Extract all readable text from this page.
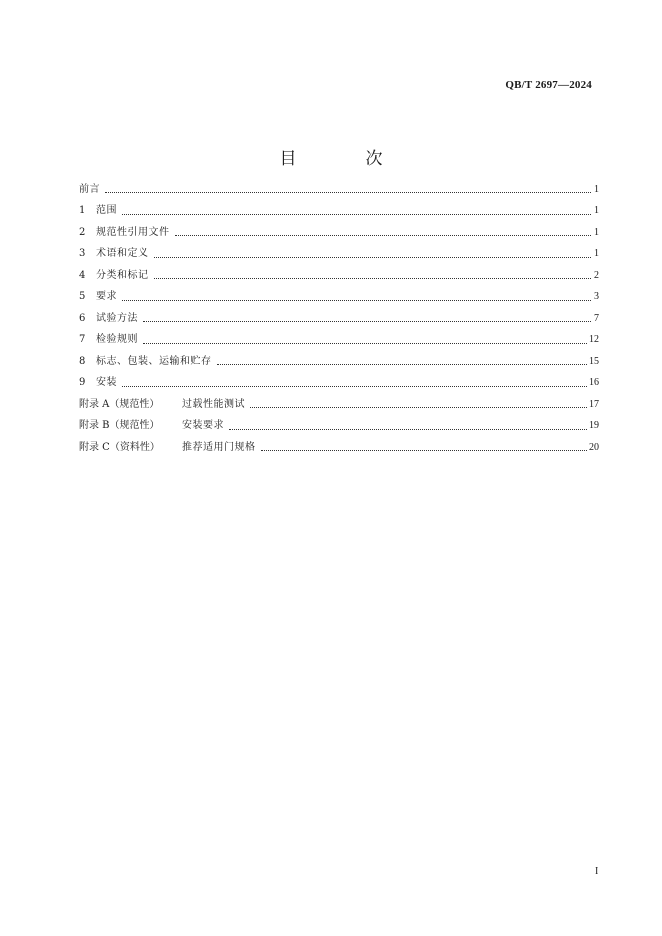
QB/T 2697—2024
目　次
前言	1
1	范围	1
2	规范性引用文件	1
3	术语和定义	1
4	分类和标记	2
5	要求	3
6	试验方法	7
7	检验规则	12
8	标志、包装、运输和贮存	15
9	安装	16
附录 A（规范性）	过载性能测试	17
附录 B（规范性）	安装要求	19
附录 C（资料性）	推荐适用门规格	20
I
